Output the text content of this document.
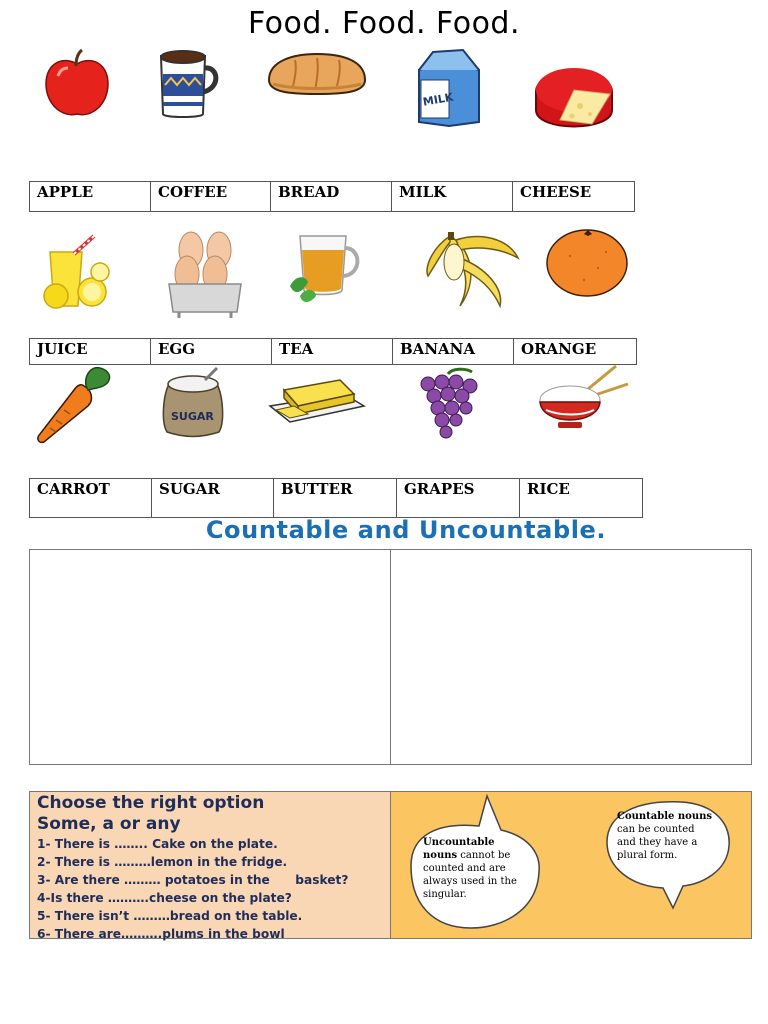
Food. Food. Food.
MILK
APPLE	COFFEE	BREAD	MILK	CHEESE
JUICE	EGG	TEA	BANANA	ORANGE
SUGAR
CARROT	SUGAR	BUTTER	GRAPES	RICE
Countable and Uncountable.
Choose the right option
Some, a or any
1- There is …….. Cake on the plate.
2- There is ………lemon in the fridge.
3- Are there ……… potatoes in the      basket?
4-Is there ……….cheese on the plate?
5- There isn’t ………bread on the table.
6- There are……….plums in the bowl
Uncountable nouns cannot be counted and are always used in the singular.
Countable nouns can be counted and they have a plural form.
